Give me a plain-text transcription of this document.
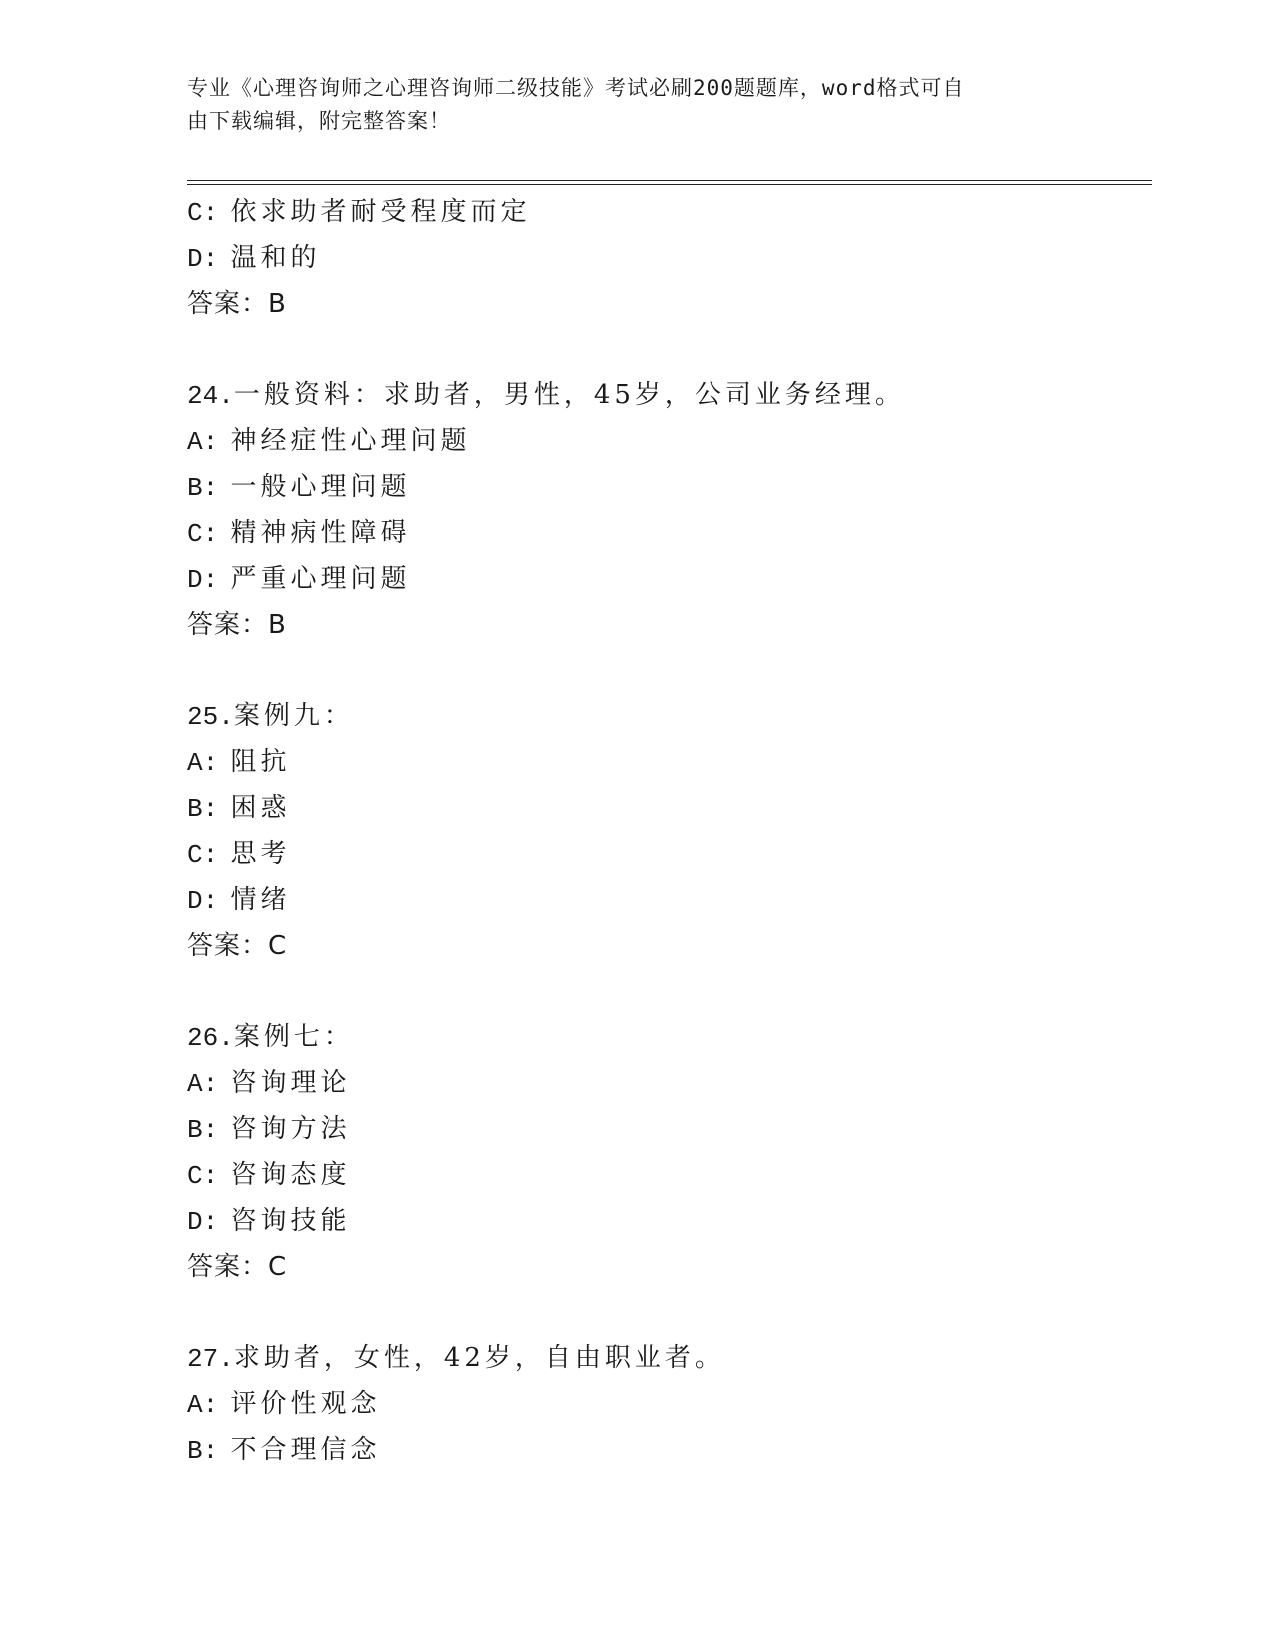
专业《心理咨询师之心理咨询师二级技能》考试必刷200题题库，word格式可自
由下载编辑，附完整答案！
C: 依求助者耐受程度而定
D: 温和的
答案：B
24.一般资料：求助者，男性，45岁，公司业务经理。
A: 神经症性心理问题
B: 一般心理问题
C: 精神病性障碍
D: 严重心理问题
答案：B
25.案例九：
A: 阻抗
B: 困惑
C: 思考
D: 情绪
答案：C
26.案例七：
A: 咨询理论
B: 咨询方法
C: 咨询态度
D: 咨询技能
答案：C
27.求助者，女性，42岁，自由职业者。
A: 评价性观念
B: 不合理信念
